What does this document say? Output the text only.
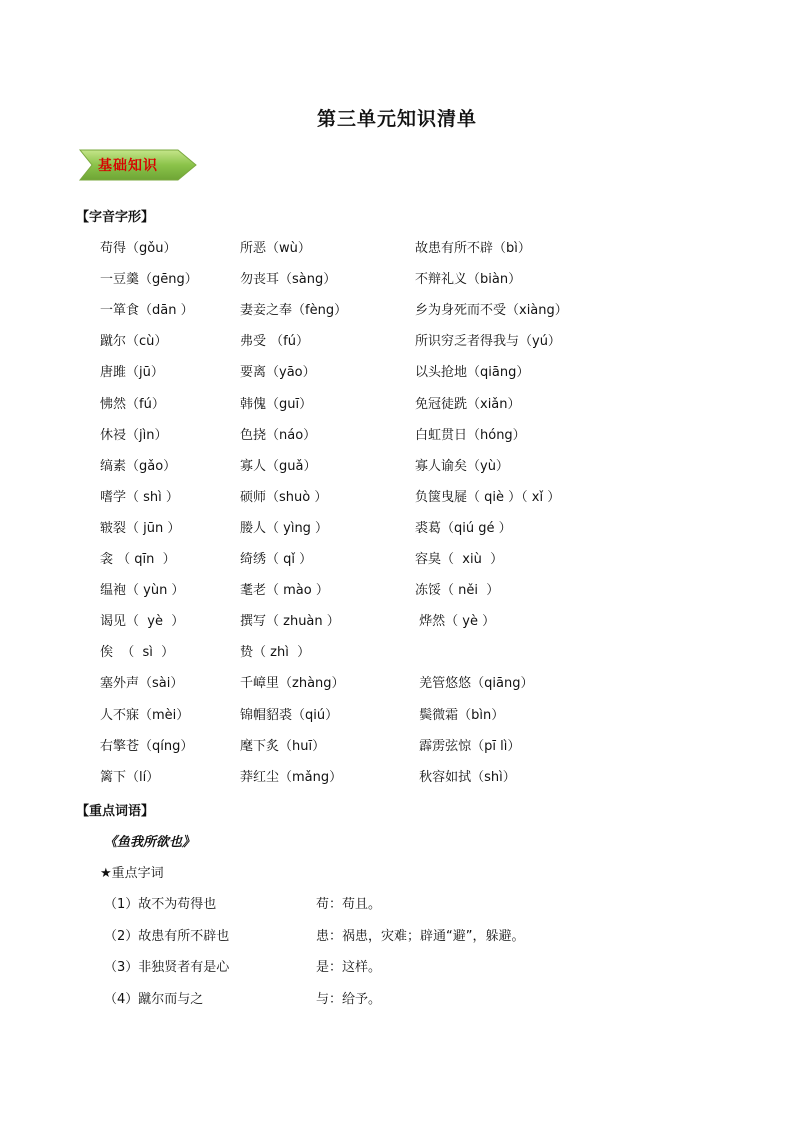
第三单元知识清单
基础知识
【字音字形】
苟得（gǒu）	所恶（wù）	故患有所不辟（bì）
一豆羹（gēng）	勿丧耳（sàng）	不辩礼义（biàn）
一箪食（dān ）	妻妾之奉（fèng）	乡为身死而不受（xiàng）
蹴尔（cù）	弗受 （fú）	所识穷乏者得我与（yú）
唐雎（jū）	要离（yāo）	以头抢地（qiāng）
怫然（fú）	韩傀（guī）	免冠徒跣（xiǎn）
休祲（jìn）	色挠（náo）	白虹贯日（hóng）
缟素（gǎo）	寡人（guǎ）	寡人谕矣（yù）
嗜学（ shì ）	硕师（shuò ）	负箧曳屣（ qiè ）（ xǐ ）
皲裂（ jūn ）	媵人（ yìng ）	裘葛（qiú gé ）
衾 （ qīn  ）	绮绣（ qǐ ）	容臭（  xiù  ）
缊袍（ yùn ）	耄老（ mào ）	冻馁（ něi  ）
谒见（  yè  ）	撰写（ zhuàn ）	烨然（ yè ）
俟  （  sì  ）	贽（ zhì  ）
塞外声（sài）	千嶂里（zhàng）	羌管悠悠（qiāng）
人不寐（mèi）	锦帽貂裘（qiú）	鬓微霜（bìn）
右擎苍（qíng）	麾下炙（huī）	霹雳弦惊（pī lì）
篱下（lí）	莽红尘（mǎng）	秋容如拭（shì）
【重点词语】
《鱼我所欲也》
★重点字词
（1）故不为苟得也	苟：苟且。
（2）故患有所不辟也	患：祸患，灾难；辟通“避”，躲避。
（3）非独贤者有是心	是：这样。
（4）蹴尔而与之	与：给予。
